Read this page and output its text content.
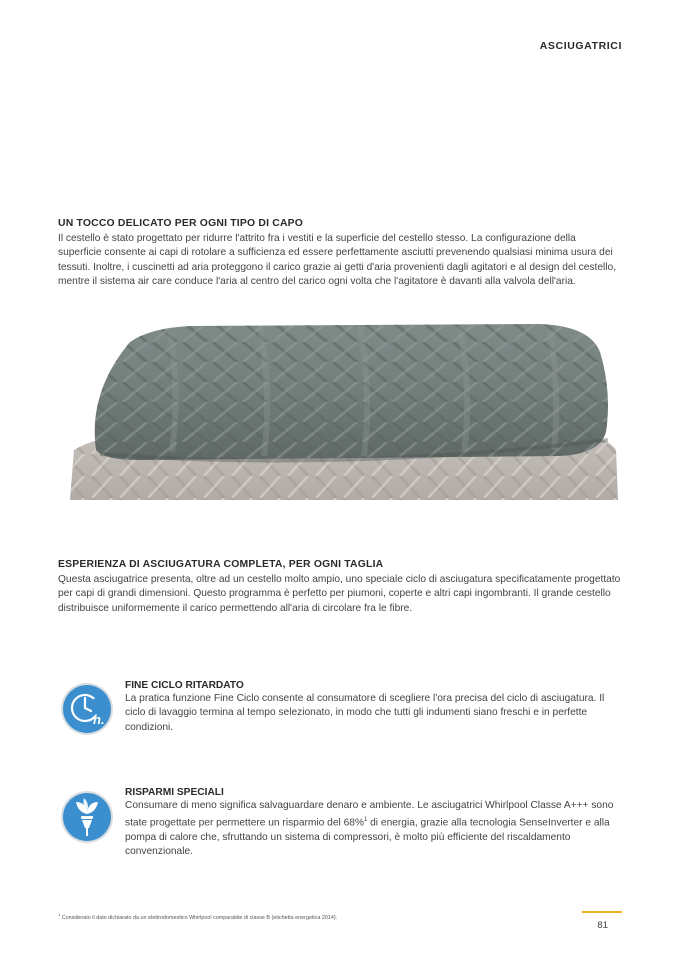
ASCIUGATRICI
UN TOCCO DELICATO PER OGNI TIPO DI CAPO
Il cestello è stato progettato per ridurre l'attrito fra i vestiti e la superficie del cestello stesso. La configurazione della superficie consente ai capi di rotolare a sufficienza ed essere perfettamente asciutti prevenendo qualsiasi minima usura dei tessuti. Inoltre, i cuscinetti ad aria proteggono il carico grazie ai getti d'aria provenienti dagli agitatori e al design del cestello, mentre il sistema air care conduce l'aria al centro del carico ogni volta che l'agitatore è davanti alla valvola dell'aria.
ESPERIENZA DI ASCIUGATURA COMPLETA, PER OGNI TAGLIA
Questa asciugatrice presenta, oltre ad un cestello molto ampio, uno speciale ciclo di asciugatura specificatamente progettato per capi di grandi dimensioni. Questo programma è perfetto per piumoni, coperte e altri capi ingombranti. Il grande cestello distribuisce uniformemente il carico permettendo all'aria di circolare fra le fibre.
h.
FINE CICLO RITARDATO
La pratica funzione Fine Ciclo consente al consumatore di scegliere l'ora precisa del ciclo di asciugatura. Il ciclo di lavaggio termina al tempo selezionato, in modo che tutti gli indumenti siano freschi e in perfette condizioni.
RISPARMI SPECIALI
Consumare di meno significa salvaguardare denaro e ambiente. Le asciugatrici Whirlpool Classe A+++ sono state progettate per permettere un risparmio del 68%$^1$ di energia, grazie alla tecnologia SenseInverter e alla pompa di calore che, sfruttando un sistema di compressori, è molto più efficiente del riscaldamento convenzionale.
$^1$ Considerato il dato dichiarato da un elettrodomestico Whirlpool comparabile di classe B (etichetta energetica 2014).
81
